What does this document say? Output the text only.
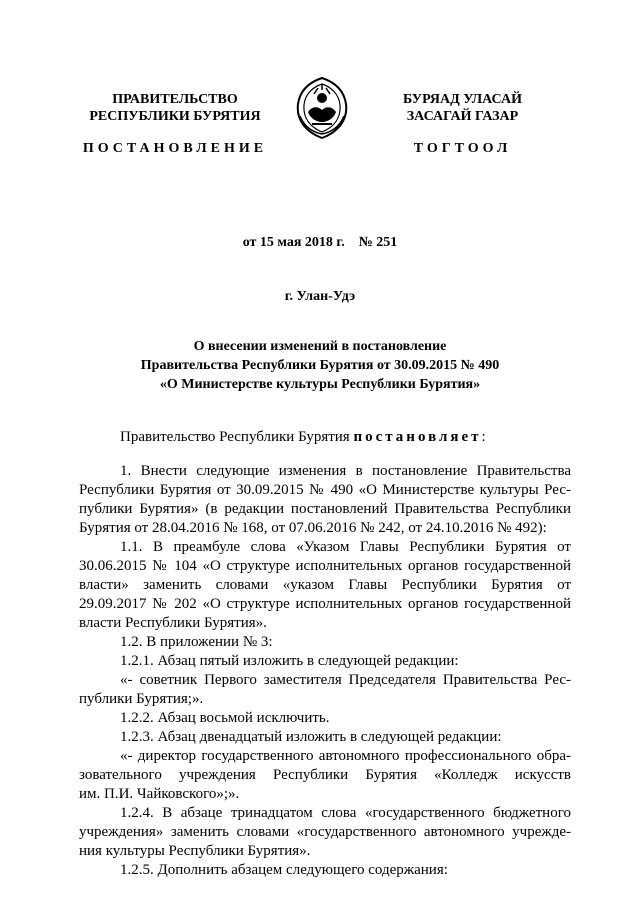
ПРАВИТЕЛЬСТВО
РЕСПУБЛИКИ БУРЯТИЯ
БУРЯАД УЛАСАЙ
ЗАСАГАЙ ГАЗАР
ПОСТАНОВЛЕНИЕ	ТОГТООЛ
от 15 мая 2018 г.    № 251
г. Улан-Удэ
О внесении изменений в постановление
Правительства Республики Бурятия от 30.09.2015 № 490
«О Министерстве культуры Республики Бурятия»
Правительство Республики Бурятия постановляет:
1. Внести следующие изменения в постановление Правительства
Республики Бурятия от 30.09.2015 № 490 «О Министерстве культуры Рес-
публики Бурятия» (в редакции постановлений Правительства Республики
Бурятия от 28.04.2016 № 168, от 07.06.2016 № 242, от 24.10.2016 № 492):
1.1. В преамбуле слова «Указом Главы Республики Бурятия от
30.06.2015 № 104 «О структуре исполнительных органов государственной
власти» заменить словами «указом Главы Республики Бурятия от
29.09.2017 № 202 «О структуре исполнительных органов государственной
власти Республики Бурятия».
1.2. В приложении № 3:
1.2.1. Абзац пятый изложить в следующей редакции:
«- советник Первого заместителя Председателя Правительства Рес-
публики Бурятия;».
1.2.2. Абзац восьмой исключить.
1.2.3. Абзац двенадцатый изложить в следующей редакции:
«- директор государственного автономного профессионального обра-
зовательного учреждения Республики Бурятия «Колледж искусств
им. П.И. Чайковского»;».
1.2.4. В абзаце тринадцатом слова «государственного бюджетного
учреждения» заменить словами «государственного автономного учрежде-
ния культуры Республики Бурятия».
1.2.5. Дополнить абзацем следующего содержания:
